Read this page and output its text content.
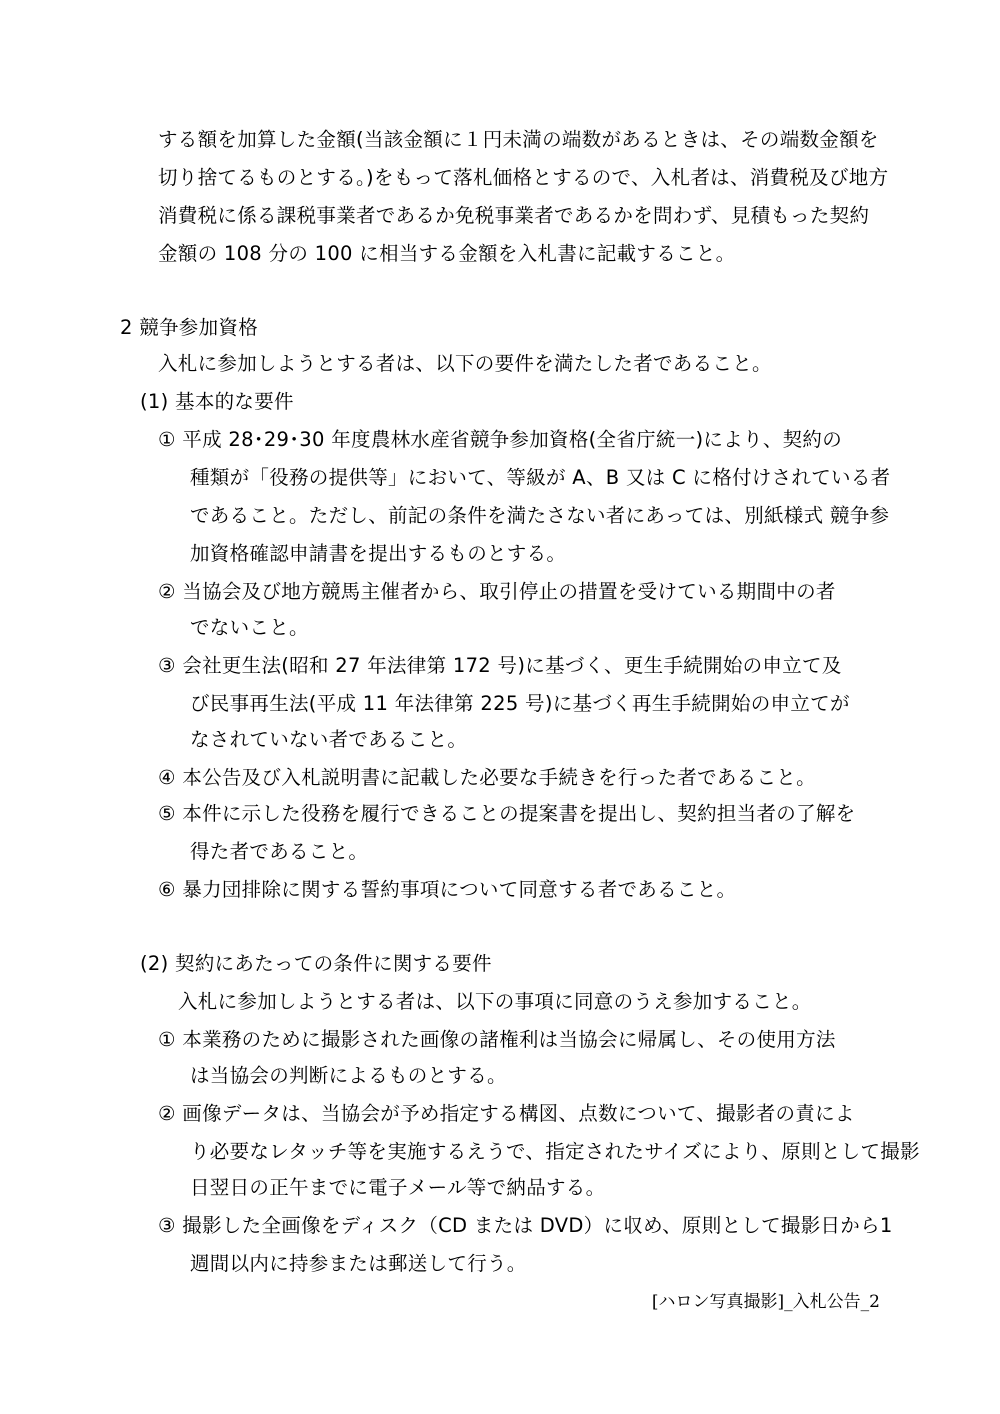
する額を加算した金額(当該金額に１円未満の端数があるときは、その端数金額を
切り捨てるものとする。)をもって落札価格とするので、入札者は、消費税及び地方
消費税に係る課税事業者であるか免税事業者であるかを問わず、見積もった契約
金額の 108 分の 100 に相当する金額を入札書に記載すること。
2 競争参加資格
入札に参加しようとする者は、以下の要件を満たした者であること。
(1) 基本的な要件
① 平成 28･29･30 年度農林水産省競争参加資格(全省庁統一)により、契約の
種類が「役務の提供等」において、等級が A、B 又は C に格付けされている者
であること。ただし、前記の条件を満たさない者にあっては、別紙様式 競争参
加資格確認申請書を提出するものとする。
② 当協会及び地方競馬主催者から、取引停止の措置を受けている期間中の者
でないこと。
③ 会社更生法(昭和 27 年法律第 172 号)に基づく、更生手続開始の申立て及
び民事再生法(平成 11 年法律第 225 号)に基づく再生手続開始の申立てが
なされていない者であること。
④ 本公告及び入札説明書に記載した必要な手続きを行った者であること。
⑤ 本件に示した役務を履行できることの提案書を提出し、契約担当者の了解を
得た者であること。
⑥ 暴力団排除に関する誓約事項について同意する者であること。
(2) 契約にあたっての条件に関する要件
入札に参加しようとする者は、以下の事項に同意のうえ参加すること。
① 本業務のために撮影された画像の諸権利は当協会に帰属し、その使用方法
は当協会の判断によるものとする。
② 画像データは、当協会が予め指定する構図、点数について、撮影者の責によ
り必要なレタッチ等を実施するえうで、指定されたサイズにより、原則として撮影
日翌日の正午までに電子メール等で納品する。
③ 撮影した全画像をディスク（CD または DVD）に収め、原則として撮影日から1
週間以内に持参または郵送して行う。
[ハロン写真撮影]_入札公告_2
